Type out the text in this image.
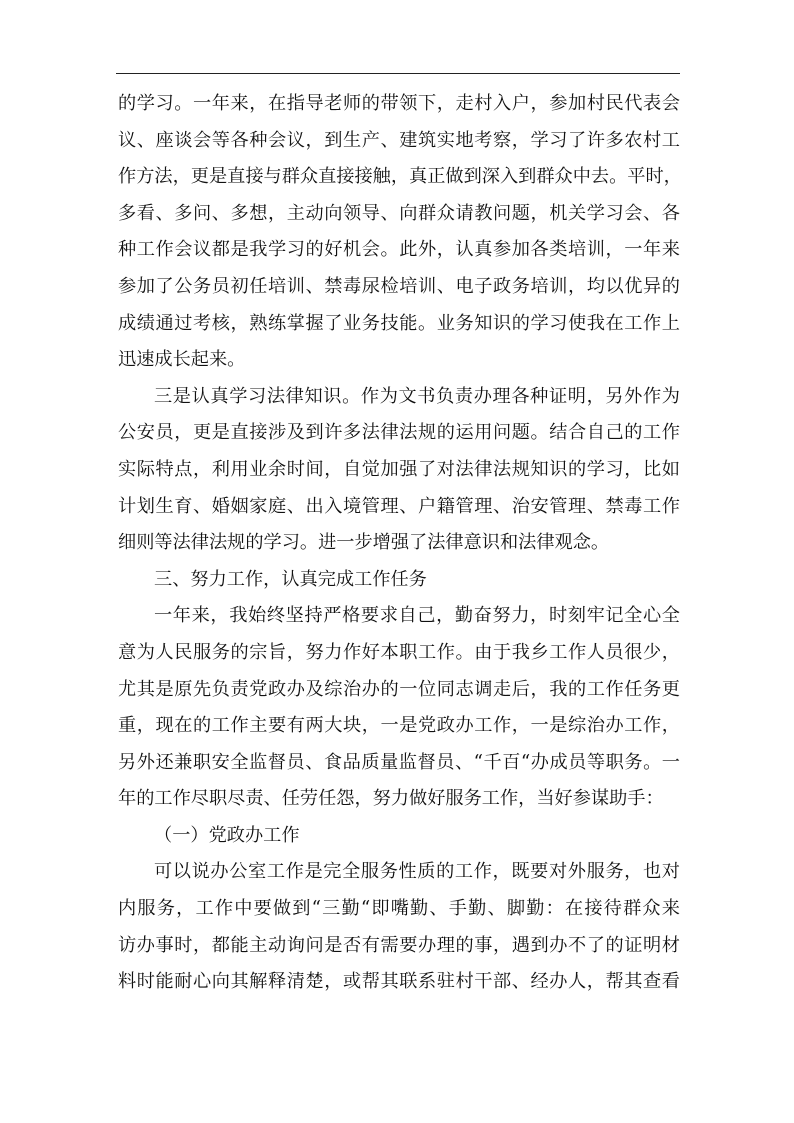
的学习。一年来，在指导老师的带领下，走村入户，参加村民代表会
议、座谈会等各种会议，到生产、建筑实地考察，学习了许多农村工
作方法，更是直接与群众直接接触，真正做到深入到群众中去。平时，
多看、多问、多想，主动向领导、向群众请教问题，机关学习会、各
种工作会议都是我学习的好机会。此外，认真参加各类培训，一年来
参加了公务员初任培训、禁毒尿检培训、电子政务培训，均以优异的
成绩通过考核，熟练掌握了业务技能。业务知识的学习使我在工作上
迅速成长起来。
三是认真学习法律知识。作为文书负责办理各种证明，另外作为
公安员，更是直接涉及到许多法律法规的运用问题。结合自己的工作
实际特点，利用业余时间，自觉加强了对法律法规知识的学习，比如
计划生育、婚姻家庭、出入境管理、户籍管理、治安管理、禁毒工作
细则等法律法规的学习。进一步增强了法律意识和法律观念。
三、努力工作，认真完成工作任务
一年来，我始终坚持严格要求自己，勤奋努力，时刻牢记全心全
意为人民服务的宗旨，努力作好本职工作。由于我乡工作人员很少，
尤其是原先负责党政办及综治办的一位同志调走后，我的工作任务更
重，现在的工作主要有两大块，一是党政办工作，一是综治办工作，
另外还兼职安全监督员、食品质量监督员、“千百“办成员等职务。一
年的工作尽职尽责、任劳任怨，努力做好服务工作，当好参谋助手：
（一）党政办工作
可以说办公室工作是完全服务性质的工作，既要对外服务，也对
内服务，工作中要做到“三勤“即嘴勤、手勤、脚勤：在接待群众来
访办事时，都能主动询问是否有需要办理的事，遇到办不了的证明材
料时能耐心向其解释清楚，或帮其联系驻村干部、经办人，帮其查看
